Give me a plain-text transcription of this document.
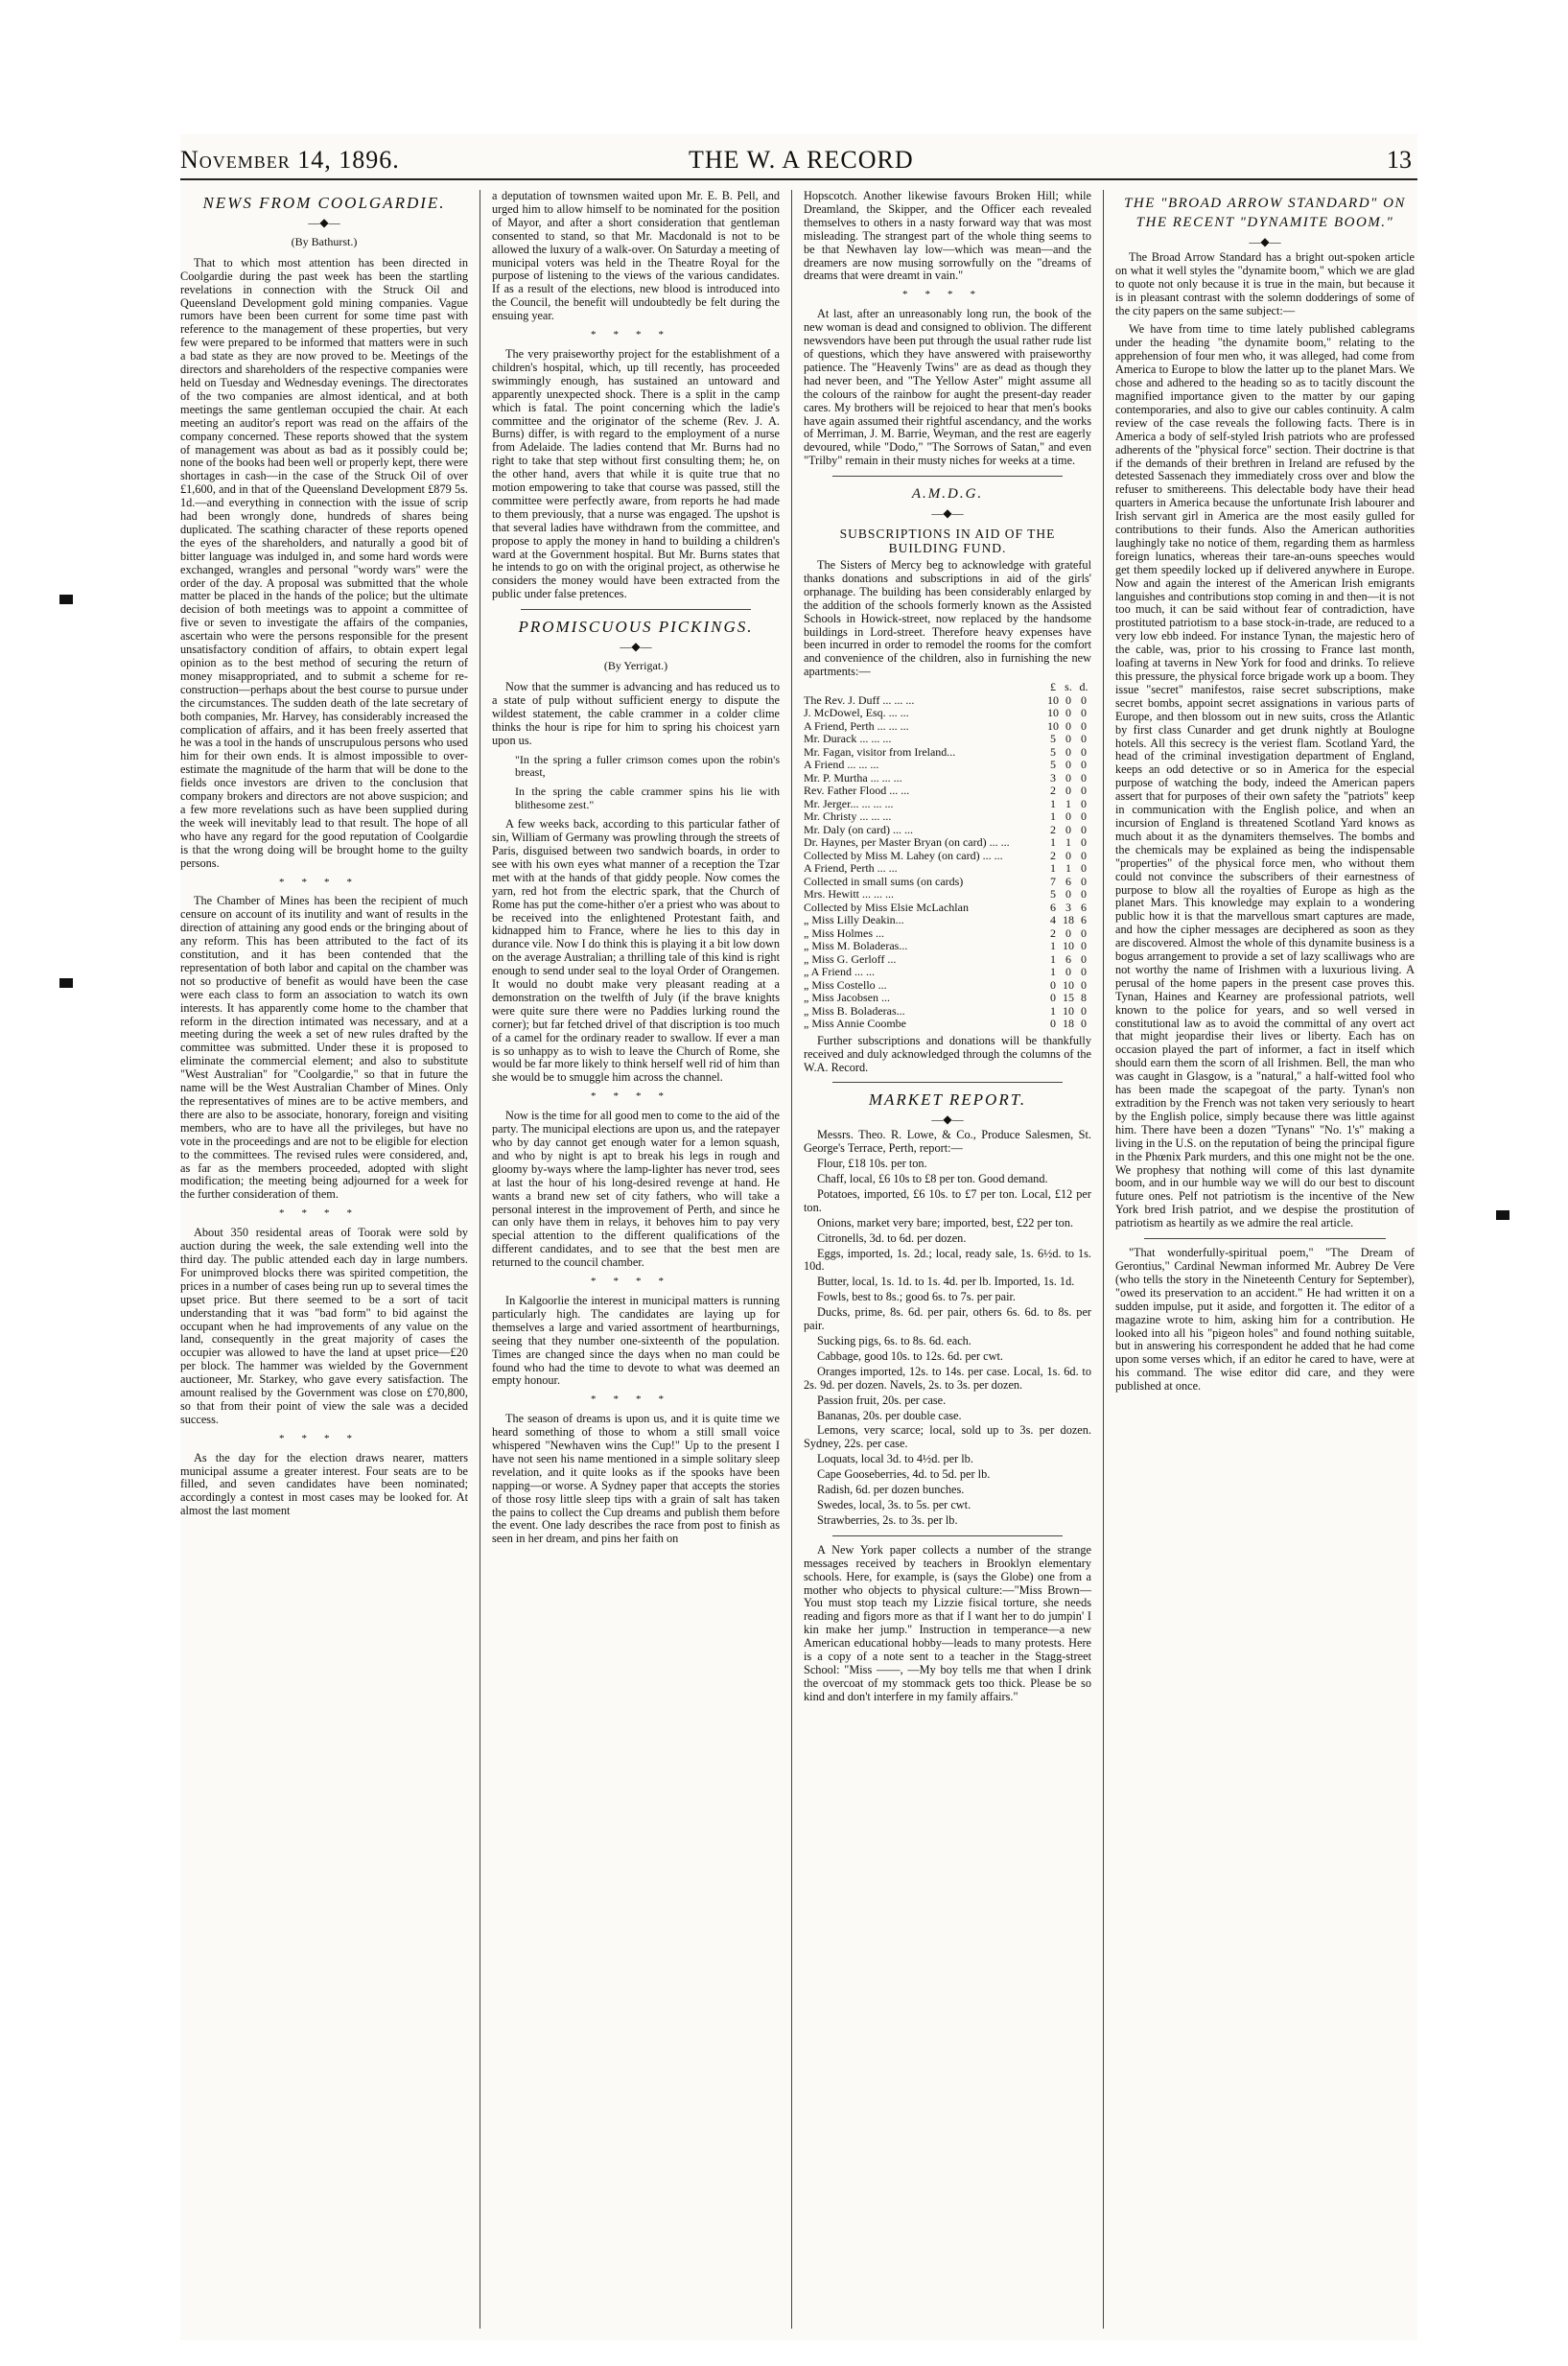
November 14, 1896.	THE W. A RECORD	13
NEWS FROM COOLGARDIE.
—◆—
(By Bathurst.)

That to which most attention has been directed in Coolgardie during the past week has been the startling revelations in connection with the Struck Oil and Queensland Development gold mining companies. Vague rumors have been been current for some time past with reference to the management of these properties, but very few were prepared to be informed that matters were in such a bad state as they are now proved to be. Meetings of the directors and shareholders of the respective companies were held on Tuesday and Wednesday evenings. The directorates of the two companies are almost identical, and at both meetings the same gentleman occupied the chair. At each meeting an auditor's report was read on the affairs of the company concerned. These reports showed that the system of management was about as bad as it possibly could be; none of the books had been well or properly kept, there were shortages in cash—in the case of the Struck Oil of over £1,600, and in that of the Queensland Development £879 5s. 1d.—and everything in connection with the issue of scrip had been wrongly done, hundreds of shares being duplicated. The scathing character of these reports opened the eyes of the shareholders, and naturally a good bit of bitter language was indulged in, and some hard words were exchanged, wrangles and personal "wordy wars" were the order of the day. A proposal was submitted that the whole matter be placed in the hands of the police; but the ultimate decision of both meetings was to appoint a committee of five or seven to investigate the affairs of the companies, ascertain who were the persons responsible for the present unsatisfactory condition of affairs, to obtain expert legal opinion as to the best method of securing the return of money misappropriated, and to submit a scheme for re-construction—perhaps about the best course to pursue under the circumstances. The sudden death of the late secretary of both companies, Mr. Harvey, has considerably increased the complication of affairs, and it has been freely asserted that he was a tool in the hands of unscrupulous persons who used him for their own ends. It is almost impossible to over-estimate the magnitude of the harm that will be done to the fields once investors are driven to the conclusion that company brokers and directors are not above suspicion; and a few more revelations such as have been supplied during the week will inevitably lead to that result. The hope of all who have any regard for the good reputation of Coolgardie is that the wrong doing will be brought home to the guilty persons.

****

The Chamber of Mines has been the recipient of much censure on account of its inutility and want of results in the direction of attaining any good ends or the bringing about of any reform. This has been attributed to the fact of its constitution, and it has been contended that the representation of both labor and capital on the chamber was not so productive of benefit as would have been the case were each class to form an association to watch its own interests. It has apparently come home to the chamber that reform in the direction intimated was necessary, and at a meeting during the week a set of new rules drafted by the committee was submitted. Under these it is proposed to eliminate the commercial element; and also to substitute "West Australian" for "Coolgardie," so that in future the name will be the West Australian Chamber of Mines. Only the representatives of mines are to be active members, and there are also to be associate, honorary, foreign and visiting members, who are to have all the privileges, but have no vote in the proceedings and are not to be eligible for election to the committees. The revised rules were considered, and, as far as the members proceeded, adopted with slight modification; the meeting being adjourned for a week for the further consideration of them.

****

About 350 residental areas of Toorak were sold by auction during the week, the sale extending well into the third day. The public attended each day in large numbers. For unimproved blocks there was spirited competition, the prices in a number of cases being run up to several times the upset price. But there seemed to be a sort of tacit understanding that it was "bad form" to bid against the occupant when he had improvements of any value on the land, consequently in the great majority of cases the occupier was allowed to have the land at upset price—£20 per block. The hammer was wielded by the Government auctioneer, Mr. Starkey, who gave every satisfaction. The amount realised by the Government was close on £70,800, so that from their point of view the sale was a decided success.

****

As the day for the election draws nearer, matters municipal assume a greater interest. Four seats are to be filled, and seven candidates have been nominated; accordingly a contest in most cases may be looked for. At almost the last moment

a deputation of townsmen waited upon Mr. E. B. Pell, and urged him to allow himself to be nominated for the position of Mayor, and after a short consideration that gentleman consented to stand, so that Mr. Macdonald is not to be allowed the luxury of a walk-over. On Saturday a meeting of municipal voters was held in the Theatre Royal for the purpose of listening to the views of the various candidates. If as a result of the elections, new blood is introduced into the Council, the benefit will undoubtedly be felt during the ensuing year.

****

The very praiseworthy project for the establishment of a children's hospital, which, up till recently, has proceeded swimmingly enough, has sustained an untoward and apparently unexpected shock. There is a split in the camp which is fatal. The point concerning which the ladie's committee and the originator of the scheme (Rev. J. A. Burns) differ, is with regard to the employment of a nurse from Adelaide. The ladies contend that Mr. Burns had no right to take that step without first consulting them; he, on the other hand, avers that while it is quite true that no motion empowering to take that course was passed, still the committee were perfectly aware, from reports he had made to them previously, that a nurse was engaged. The upshot is that several ladies have withdrawn from the committee, and propose to apply the money in hand to building a children's ward at the Government hospital. But Mr. Burns states that he intends to go on with the original project, as otherwise he considers the money would have been extracted from the public under false pretences.

PROMISCUOUS PICKINGS.
—◆—
(By Yerrigat.)

Now that the summer is advancing and has reduced us to a state of pulp without sufficient energy to dispute the wildest statement, the cable crammer in a colder clime thinks the hour is ripe for him to spring his choicest yarn upon us.

"In the spring a fuller crimson comes upon the robin's breast,
In the spring the cable crammer spins his lie with blithesome zest."

A few weeks back, according to this particular father of sin, William of Germany was prowling through the streets of Paris, disguised between two sandwich boards, in order to see with his own eyes what manner of a reception the Tzar met with at the hands of that giddy people. Now comes the yarn, red hot from the electric spark, that the Church of Rome has put the come-hither o'er a priest who was about to be received into the enlightened Protestant faith, and kidnapped him to France, where he lies to this day in durance vile. Now I do think this is playing it a bit low down on the average Australian; a thrilling tale of this kind is right enough to send under seal to the loyal Order of Orangemen. It would no doubt make very pleasant reading at a demonstration on the twelfth of July (if the brave knights were quite sure there were no Paddies lurking round the corner); but far fetched drivel of that discription is too much of a camel for the ordinary reader to swallow. If ever a man is so unhappy as to wish to leave the Church of Rome, she would be far more likely to think herself well rid of him than she would be to smuggle him across the channel.

****

Now is the time for all good men to come to the aid of the party. The municipal elections are upon us, and the ratepayer who by day cannot get enough water for a lemon squash, and who by night is apt to break his legs in rough and gloomy by-ways where the lamp-lighter has never trod, sees at last the hour of his long-desired revenge at hand. He wants a brand new set of city fathers, who will take a personal interest in the improvement of Perth, and since he can only have them in relays, it behoves him to pay very special attention to the different qualifications of the different candidates, and to see that the best men are returned to the council chamber.

****

In Kalgoorlie the interest in municipal matters is running particularly high. The candidates are laying up for themselves a large and varied assortment of heartburnings, seeing that they number one-sixteenth of the population. Times are changed since the days when no man could be found who had the time to devote to what was deemed an empty honour.

****

The season of dreams is upon us, and it is quite time we heard something of those to whom a still small voice whispered "Newhaven wins the Cup!" Up to the present I have not seen his name mentioned in a simple solitary sleep revelation, and it quite looks as if the spooks have been napping—or worse. A Sydney paper that accepts the stories of those rosy little sleep tips with a grain of salt has taken the pains to collect the Cup dreams and publish them before the event. One lady describes the race from post to finish as seen in her dream, and pins her faith on

Hopscotch. Another likewise favours Broken Hill; while Dreamland, the Skipper, and the Officer each revealed themselves to others in a nasty forward way that was most misleading. The strangest part of the whole thing seems to be that Newhaven lay low—which was mean—and the dreamers are now musing sorrowfully on the "dreams of dreams that were dreamt in vain."

****

At last, after an unreasonably long run, the book of the new woman is dead and consigned to oblivion. The different newsvendors have been put through the usual rather rude list of questions, which they have answered with praiseworthy patience. The "Heavenly Twins" are as dead as though they had never been, and "The Yellow Aster" might assume all the colours of the rainbow for aught the present-day reader cares. My brothers will be rejoiced to hear that men's books have again assumed their rightful ascendancy, and the works of Merriman, J. M. Barrie, Weyman, and the rest are eagerly devoured, while "Dodo," "The Sorrows of Satan," and even "Trilby" remain in their musty niches for weeks at a time.

A.M.D.G.
—◆—
SUBSCRIPTIONS IN AID OF THE BUILDING FUND.

The Sisters of Mercy beg to acknowledge with grateful thanks donations and subscriptions in aid of the girls' orphanage. The building has been considerably enlarged by the addition of the schools formerly known as the Assisted Schools in Howick-street, now replaced by the handsome buildings in Lord-street. Therefore heavy expenses have been incurred in order to remodel the rooms for the comfort and convenience of the children, also in furnishing the new apartments:—

	£	s.	d.
The Rev. J. Duff ... ... ...	10	0	0
J. McDowel, Esq. ... ...	10	0	0
A Friend, Perth ... ... ...	10	0	0
Mr. Durack ... ... ...	5	0	0
Mr. Fagan, visitor from Ireland...	5	0	0
A Friend ... ... ...	5	0	0
Mr. P. Murtha ... ... ...	3	0	0
Rev. Father Flood ... ...	2	0	0
Mr. Jerger... ... ... ...	1	1	0
Mr. Christy ... ... ...	1	0	0
Mr. Daly (on card) ... ...	2	0	0
Dr. Haynes, per Master Bryan (on card) ... ...	1	1	0
Collected by Miss M. Lahey (on card) ... ...	2	0	0
A Friend, Perth ... ...	1	1	0
Collected in small sums (on cards)	7	6	0
Mrs. Hewitt ... ... ...	5	0	0
Collected by Miss Elsie McLachlan	6	3	6
„ Miss Lilly Deakin...	4	18	6
„ Miss Holmes ...	2	0	0
„ Miss M. Boladeras...	1	10	0
„ Miss G. Gerloff ...	1	6	0
„ A Friend ... ...	1	0	0
„ Miss Costello ...	0	10	0
„ Miss Jacobsen ...	0	15	8
„ Miss B. Boladeras...	1	10	0
„ Miss Annie Coombe	0	18	0

Further subscriptions and donations will be thankfully received and duly acknowledged through the columns of the W.A. Record.

MARKET REPORT.
—◆—

Messrs. Theo. R. Lowe, & Co., Produce Salesmen, St. George's Terrace, Perth, report:—

Flour, £18 10s. per ton.

Chaff, local, £6 10s to £8 per ton. Good demand.

Potatoes, imported, £6 10s. to £7 per ton. Local, £12 per ton.

Onions, market very bare; imported, best, £22 per ton.

Citronells, 3d. to 6d. per dozen.

Eggs, imported, 1s. 2d.; local, ready sale, 1s. 6½d. to 1s. 10d.

Butter, local, 1s. 1d. to 1s. 4d. per lb. Imported, 1s. 1d.

Fowls, best to 8s.; good 6s. to 7s. per pair.

Ducks, prime, 8s. 6d. per pair, others 6s. 6d. to 8s. per pair.

Sucking pigs, 6s. to 8s. 6d. each.

Cabbage, good 10s. to 12s. 6d. per cwt.

Oranges imported, 12s. to 14s. per case. Local, 1s. 6d. to 2s. 9d. per dozen. Navels, 2s. to 3s. per dozen.

Passion fruit, 20s. per case.

Bananas, 20s. per double case.

Lemons, very scarce; local, sold up to 3s. per dozen. Sydney, 22s. per case.

Loquats, local 3d. to 4½d. per lb.

Cape Gooseberries, 4d. to 5d. per lb.

Radish, 6d. per dozen bunches.

Swedes, local, 3s. to 5s. per cwt.

Strawberries, 2s. to 3s. per lb.

A New York paper collects a number of the strange messages received by teachers in Brooklyn elementary schools. Here, for example, is (says the Globe) one from a mother who objects to physical culture:—"Miss Brown—You must stop teach my Lizzie fisical torture, she needs reading and figors more as that if I want her to do jumpin' I kin make her jump." Instruction in temperance—a new American educational hobby—leads to many protests. Here is a copy of a note sent to a teacher in the Stagg-street School: "Miss ——, —My boy tells me that when I drink the overcoat of my stommack gets too thick. Please be so kind and don't interfere in my family affairs."

THE "BROAD ARROW STANDARD" ON THE RECENT "DYNAMITE BOOM."
—◆—

The Broad Arrow Standard has a bright out-spoken article on what it well styles the "dynamite boom," which we are glad to quote not only because it is true in the main, but because it is in pleasant contrast with the solemn dodderings of some of the city papers on the same subject:—

We have from time to time lately published cablegrams under the heading "the dynamite boom," relating to the apprehension of four men who, it was alleged, had come from America to Europe to blow the latter up to the planet Mars. We chose and adhered to the heading so as to tacitly discount the magnified importance given to the matter by our gaping contemporaries, and also to give our cables continuity. A calm review of the case reveals the following facts. There is in America a body of self-styled Irish patriots who are professed adherents of the "physical force" section. Their doctrine is that if the demands of their brethren in Ireland are refused by the detested Sassenach they immediately cross over and blow the refuser to smithereens. This delectable body have their head quarters in America because the unfortunate Irish labourer and Irish servant girl in America are the most easily gulled for contributions to their funds. Also the American authorities laughingly take no notice of them, regarding them as harmless foreign lunatics, whereas their tare-an-ouns speeches would get them speedily locked up if delivered anywhere in Europe. Now and again the interest of the American Irish emigrants languishes and contributions stop coming in and then—it is not too much, it can be said without fear of contradiction, have prostituted patriotism to a base stock-in-trade, are reduced to a very low ebb indeed. For instance Tynan, the majestic hero of the cable, was, prior to his crossing to France last month, loafing at taverns in New York for food and drinks. To relieve this pressure, the physical force brigade work up a boom. They issue "secret" manifestos, raise secret subscriptions, make secret bombs, appoint secret assignations in various parts of Europe, and then blossom out in new suits, cross the Atlantic by first class Cunarder and get drunk nightly at Boulogne hotels. All this secrecy is the veriest flam. Scotland Yard, the head of the criminal investigation department of England, keeps an odd detective or so in America for the especial purpose of watching the body, indeed the American papers assert that for purposes of their own safety the "patriots" keep in communication with the English police, and when an incursion of England is threatened Scotland Yard knows as much about it as the dynamiters themselves. The bombs and the chemicals may be explained as being the indispensable "properties" of the physical force men, who without them could not convince the subscribers of their earnestness of purpose to blow all the royalties of Europe as high as the planet Mars. This knowledge may explain to a wondering public how it is that the marvellous smart captures are made, and how the cipher messages are deciphered as soon as they are discovered. Almost the whole of this dynamite business is a bogus arrangement to provide a set of lazy scalliwags who are not worthy the name of Irishmen with a luxurious living. A perusal of the home papers in the present case proves this. Tynan, Haines and Kearney are professional patriots, well known to the police for years, and so well versed in constitutional law as to avoid the committal of any overt act that might jeopardise their lives or liberty. Each has on occasion played the part of informer, a fact in itself which should earn them the scorn of all Irishmen. Bell, the man who was caught in Glasgow, is a "natural," a half-witted fool who has been made the scapegoat of the party. Tynan's non extradition by the French was not taken very seriously to heart by the English police, simply because there was little against him. There have been a dozen "Tynans" "No. 1's" making a living in the U.S. on the reputation of being the principal figure in the Phœnix Park murders, and this one might not be the one. We prophesy that nothing will come of this last dynamite boom, and in our humble way we will do our best to discount future ones. Pelf not patriotism is the incentive of the New York bred Irish patriot, and we despise the prostitution of patriotism as heartily as we admire the real article.

"That wonderfully-spiritual poem," "The Dream of Gerontius," Cardinal Newman informed Mr. Aubrey De Vere (who tells the story in the Nineteenth Century for September), "owed its preservation to an accident." He had written it on a sudden impulse, put it aside, and forgotten it. The editor of a magazine wrote to him, asking him for a contribution. He looked into all his "pigeon holes" and found nothing suitable, but in answering his correspondent he added that he had come upon some verses which, if an editor he cared to have, were at his command. The wise editor did care, and they were published at once.
